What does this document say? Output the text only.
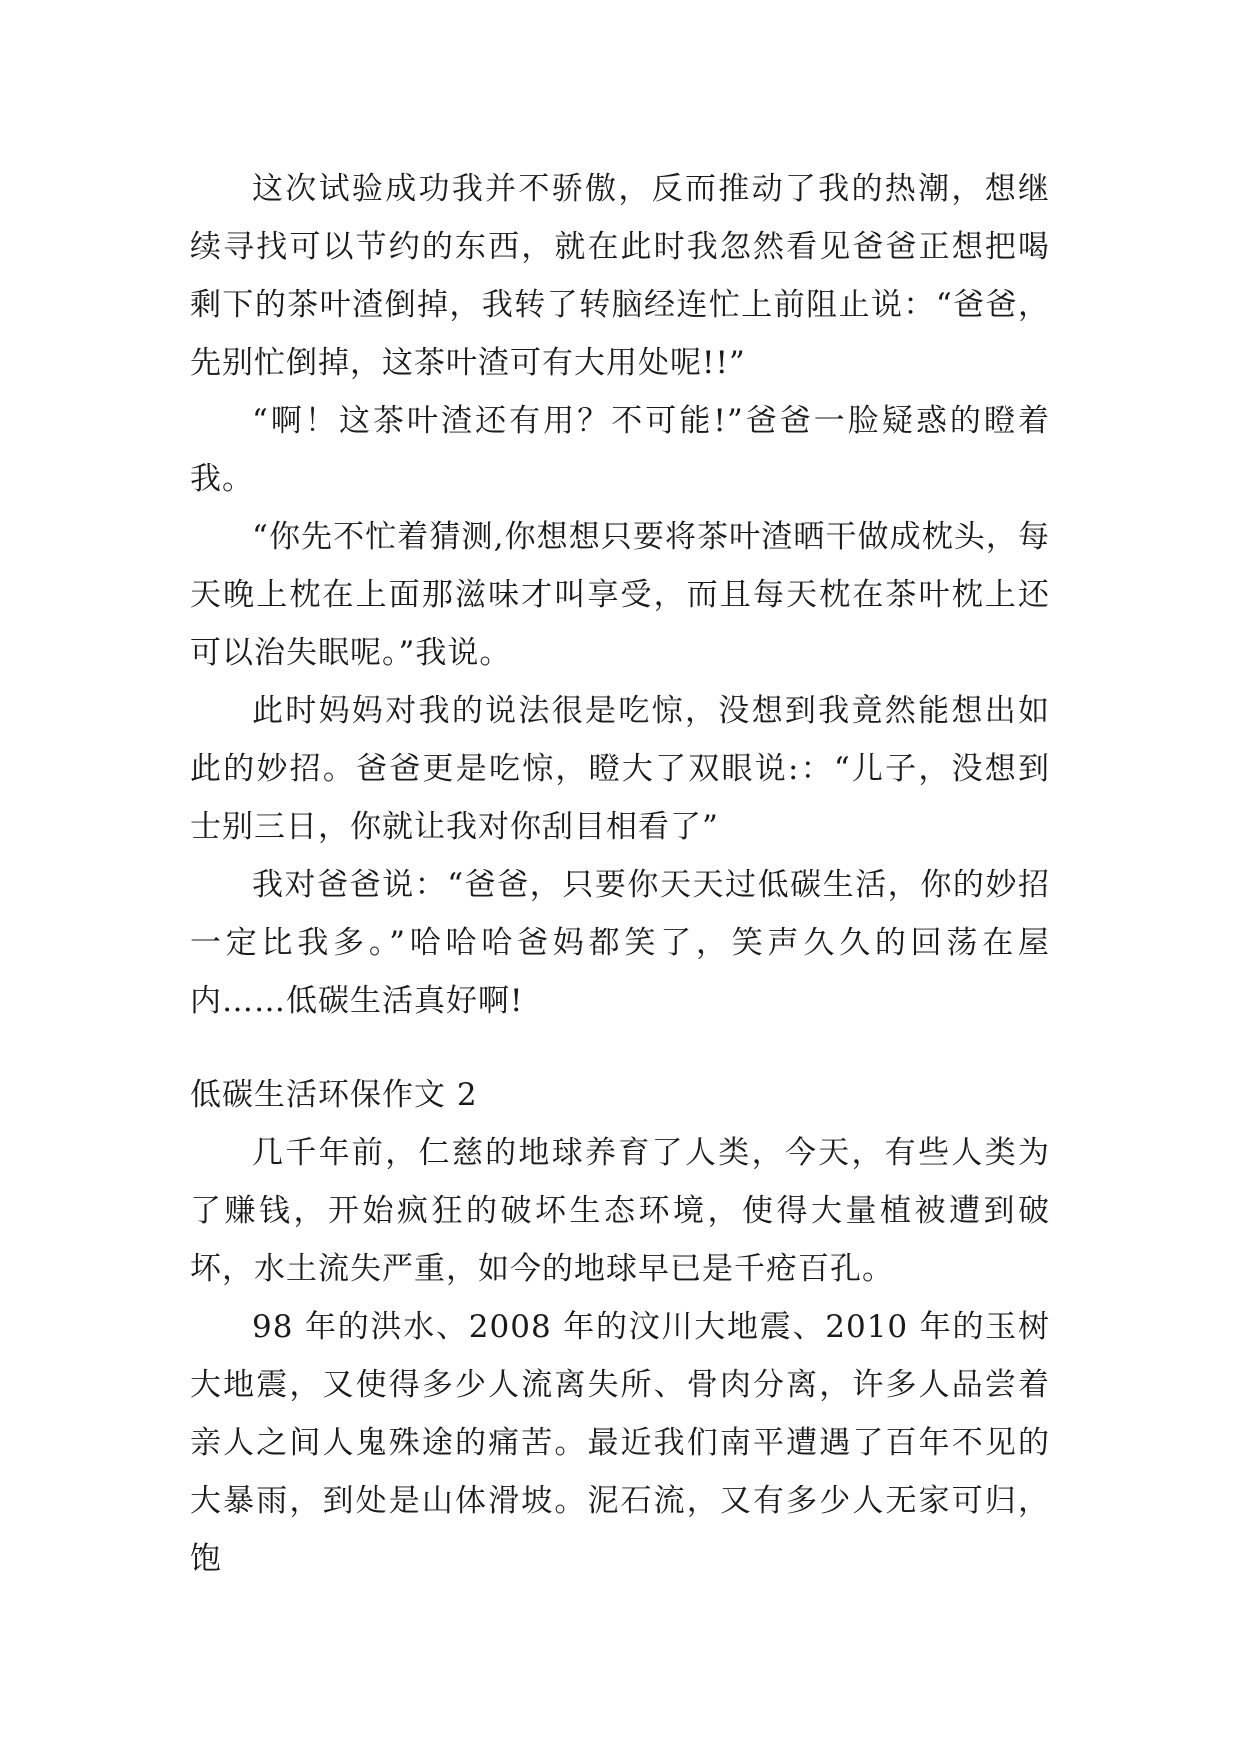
这次试验成功我并不骄傲，反而推动了我的热潮，想继续寻找可以节约的东西，就在此时我忽然看见爸爸正想把喝剩下的茶叶渣倒掉，我转了转脑经连忙上前阻止说：“爸爸，先别忙倒掉，这茶叶渣可有大用处呢!!”

“啊！这茶叶渣还有用？不可能!”爸爸一脸疑惑的瞪着我。

“你先不忙着猜测,你想想只要将茶叶渣晒干做成枕头，每天晚上枕在上面那滋味才叫享受，而且每天枕在茶叶枕上还可以治失眠呢。”我说。

此时妈妈对我的说法很是吃惊，没想到我竟然能想出如此的妙招。爸爸更是吃惊，瞪大了双眼说:：“儿子，没想到士别三日，你就让我对你刮目相看了”

我对爸爸说：“爸爸，只要你天天过低碳生活，你的妙招一定比我多。”哈哈哈爸妈都笑了，笑声久久的回荡在屋内……低碳生活真好啊!

低碳生活环保作文 2

几千年前，仁慈的地球养育了人类，今天，有些人类为了赚钱，开始疯狂的破坏生态环境，使得大量植被遭到破坏，水土流失严重，如今的地球早已是千疮百孔。

98 年的洪水、2008 年的汶川大地震、2010 年的玉树大地震，又使得多少人流离失所、骨肉分离，许多人品尝着亲人之间人鬼殊途的痛苦。最近我们南平遭遇了百年不见的大暴雨，到处是山体滑坡。泥石流，又有多少人无家可归，饱
